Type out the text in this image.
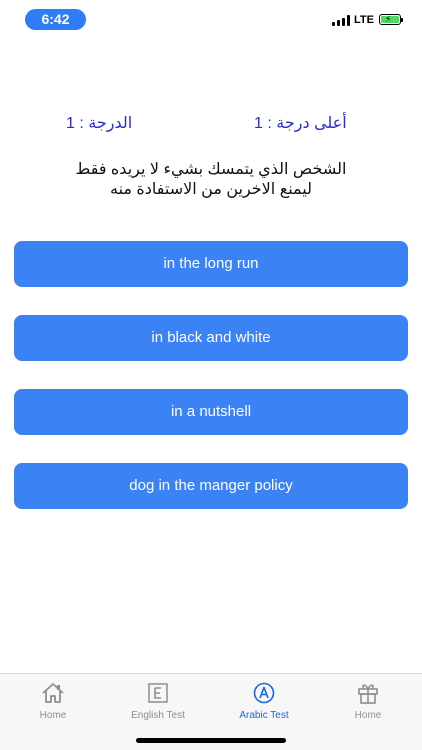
6:42	LTE ⚡
الدرجة : 1	أعلى درجة : 1
الشخص الذي يتمسك بشيء لا يريده فقط
ليمنع الاخرين من الاستفادة منه
in the long run
in black and white
in a nutshell
dog in the manger policy
Home	English Test	Arabic Test	Home
